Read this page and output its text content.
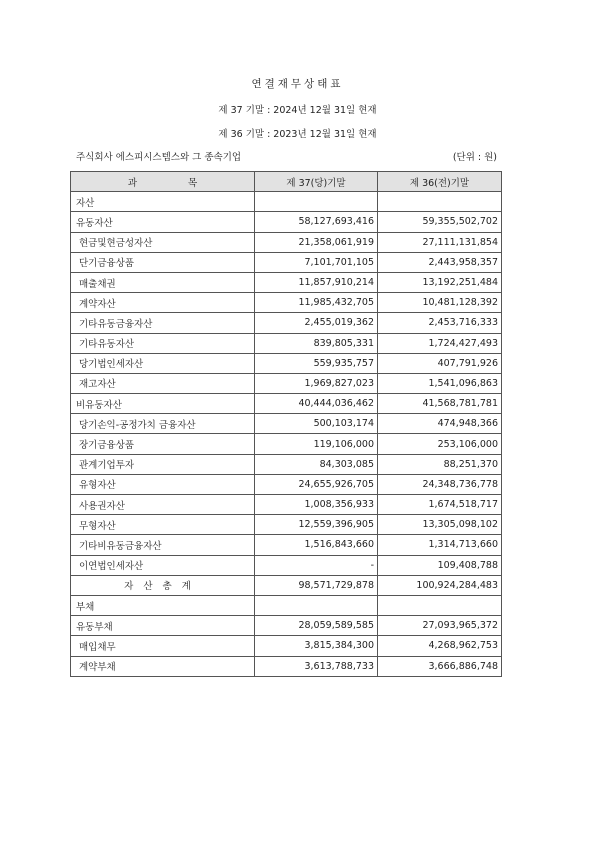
연결재무상태표
제 37 기말 : 2024년 12월 31일 현재
제 36 기말 : 2023년 12월 31일 현재
주식회사 에스피시스템스와 그 종속기업	(단위 : 원)
과 목	제 37(당)기말	제 36(전)기말
자산		
유동자산	58,127,693,416	59,355,502,702
현금및현금성자산	21,358,061,919	27,111,131,854
단기금융상품	7,101,701,105	2,443,958,357
매출채권	11,857,910,214	13,192,251,484
계약자산	11,985,432,705	10,481,128,392
기타유동금융자산	2,455,019,362	2,453,716,333
기타유동자산	839,805,331	1,724,427,493
당기법인세자산	559,935,757	407,791,926
재고자산	1,969,827,023	1,541,096,863
비유동자산	40,444,036,462	41,568,781,781
당기손익-공정가치 금융자산	500,103,174	474,948,366
장기금융상품	119,106,000	253,106,000
관계기업투자	84,303,085	88,251,370
유형자산	24,655,926,705	24,348,736,778
사용권자산	1,008,356,933	1,674,518,717
무형자산	12,559,396,905	13,305,098,102
기타비유동금융자산	1,516,843,660	1,314,713,660
이연법인세자산	-	109,408,788
자산총계	98,571,729,878	100,924,284,483
부채		
유동부채	28,059,589,585	27,093,965,372
매입채무	3,815,384,300	4,268,962,753
계약부채	3,613,788,733	3,666,886,748
